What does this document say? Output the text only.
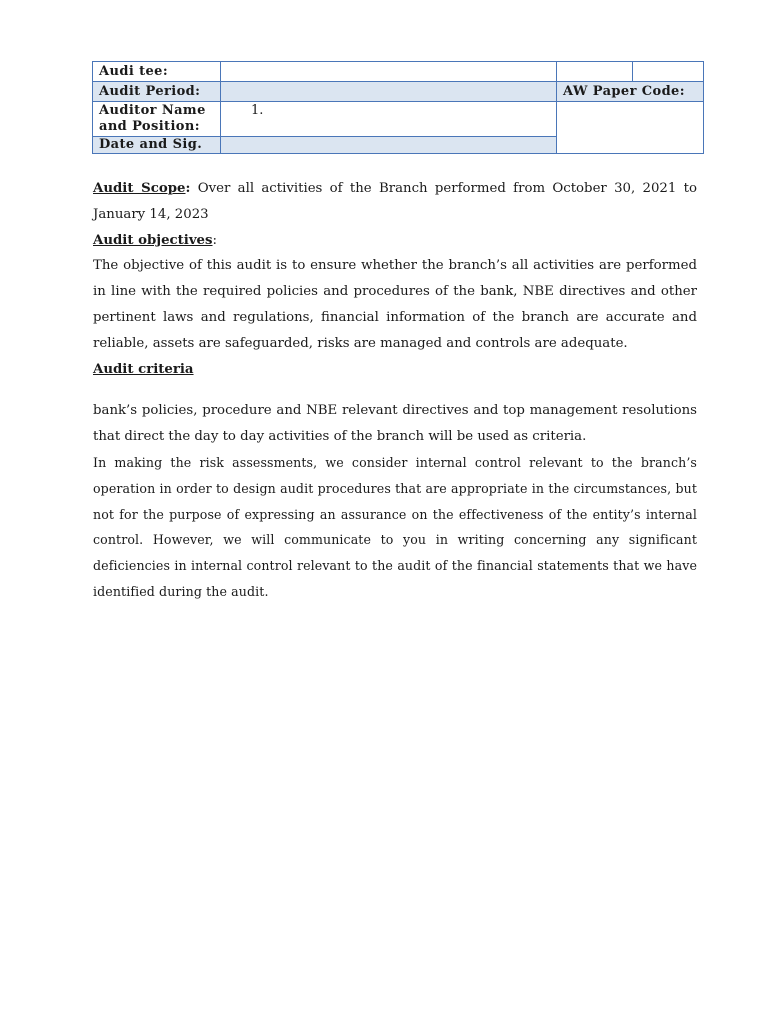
Audi tee:			
Audit Period:		AW Paper Code:	
Auditor Name and Position:	1.		
Date and Sig.			

Audit Scope: Over all activities of the Branch performed from October 30, 2021 to January 14, 2023

Audit objectives:

The objective of this audit is to ensure whether the branch’s all activities are performed in line with the required policies and procedures of the bank, NBE directives and other pertinent laws and regulations, financial information of the branch are accurate and reliable, assets are safeguarded, risks are managed and controls are adequate.

Audit criteria

bank’s policies, procedure and NBE relevant directives and top management resolutions that direct the day to day activities of the branch will be used as criteria.

In making the risk assessments, we consider internal control relevant to the branch’s operation in order to design audit procedures that are appropriate in the circumstances, but not for the purpose of expressing an assurance on the effectiveness of the entity’s internal control. However, we will communicate to you in writing concerning any significant deficiencies in internal control relevant to the audit of the financial statements that we have identified during the audit.
